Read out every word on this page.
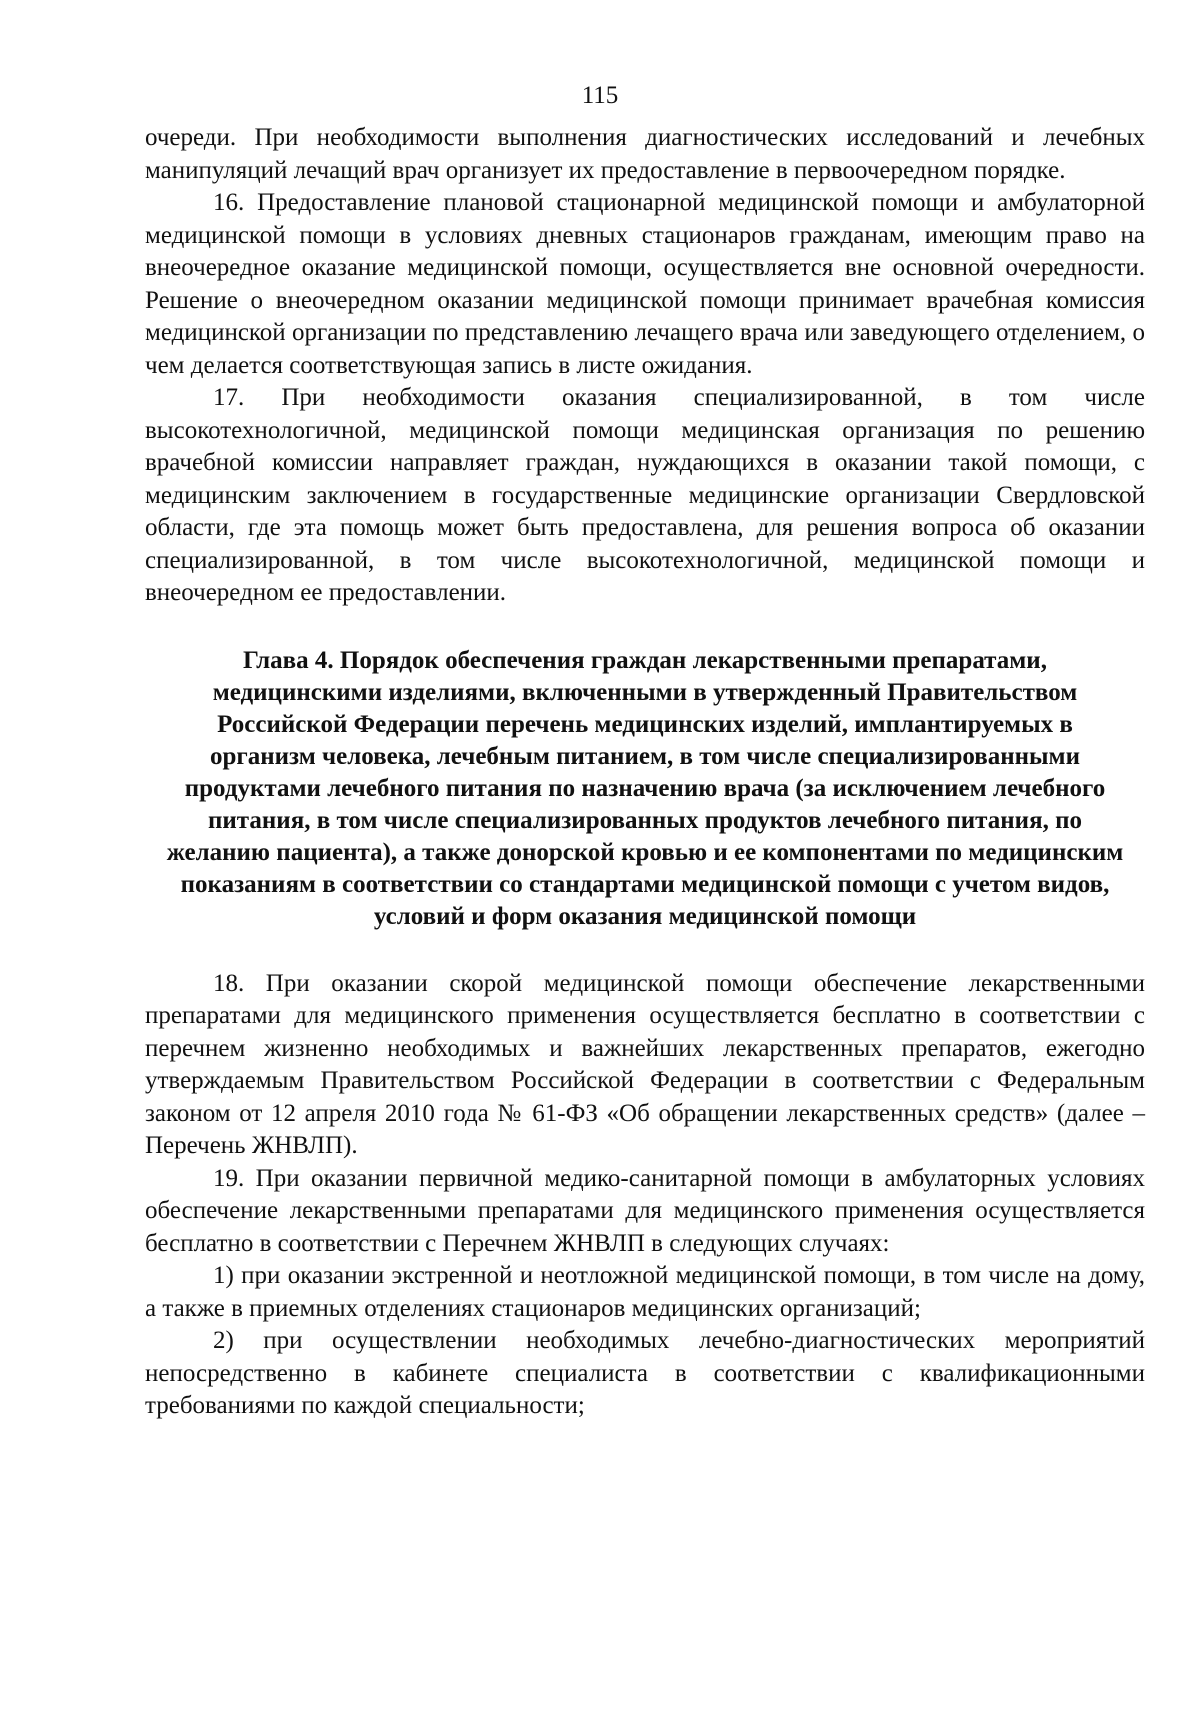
115

очереди. При необходимости выполнения диагностических исследований и лечебных манипуляций лечащий врач организует их предоставление в первоочередном порядке.

16. Предоставление плановой стационарной медицинской помощи и амбулаторной медицинской помощи в условиях дневных стационаров гражданам, имеющим право на внеочередное оказание медицинской помощи, осуществляется вне основной очередности. Решение о внеочередном оказании медицинской помощи принимает врачебная комиссия медицинской организации по представлению лечащего врача или заведующего отделением, о чем делается соответствующая запись в листе ожидания.

17. При необходимости оказания специализированной, в том числе высокотехнологичной, медицинской помощи медицинская организация по решению врачебной комиссии направляет граждан, нуждающихся в оказании такой помощи, с медицинским заключением в государственные медицинские организации Свердловской области, где эта помощь может быть предоставлена, для решения вопроса об оказании специализированной, в том числе высокотехнологичной, медицинской помощи и внеочередном ее предоставлении.

Глава 4. Порядок обеспечения граждан лекарственными препаратами, медицинскими изделиями, включенными в утвержденный Правительством Российской Федерации перечень медицинских изделий, имплантируемых в организм человека, лечебным питанием, в том числе специализированными продуктами лечебного питания по назначению врача (за исключением лечебного питания, в том числе специализированных продуктов лечебного питания, по желанию пациента), а также донорской кровью и ее компонентами по медицинским показаниям в соответствии со стандартами медицинской помощи с учетом видов, условий и форм оказания медицинской помощи

18. При оказании скорой медицинской помощи обеспечение лекарственными препаратами для медицинского применения осуществляется бесплатно в соответствии с перечнем жизненно необходимых и важнейших лекарственных препаратов, ежегодно утверждаемым Правительством Российской Федерации в соответствии с Федеральным законом от 12 апреля 2010 года № 61-ФЗ «Об обращении лекарственных средств» (далее – Перечень ЖНВЛП).

19. При оказании первичной медико-санитарной помощи в амбулаторных условиях обеспечение лекарственными препаратами для медицинского применения осуществляется бесплатно в соответствии с Перечнем ЖНВЛП в следующих случаях:

1) при оказании экстренной и неотложной медицинской помощи, в том числе на дому, а также в приемных отделениях стационаров медицинских организаций;

2) при осуществлении необходимых лечебно-диагностических мероприятий непосредственно в кабинете специалиста в соответствии с квалификационными требованиями по каждой специальности;
